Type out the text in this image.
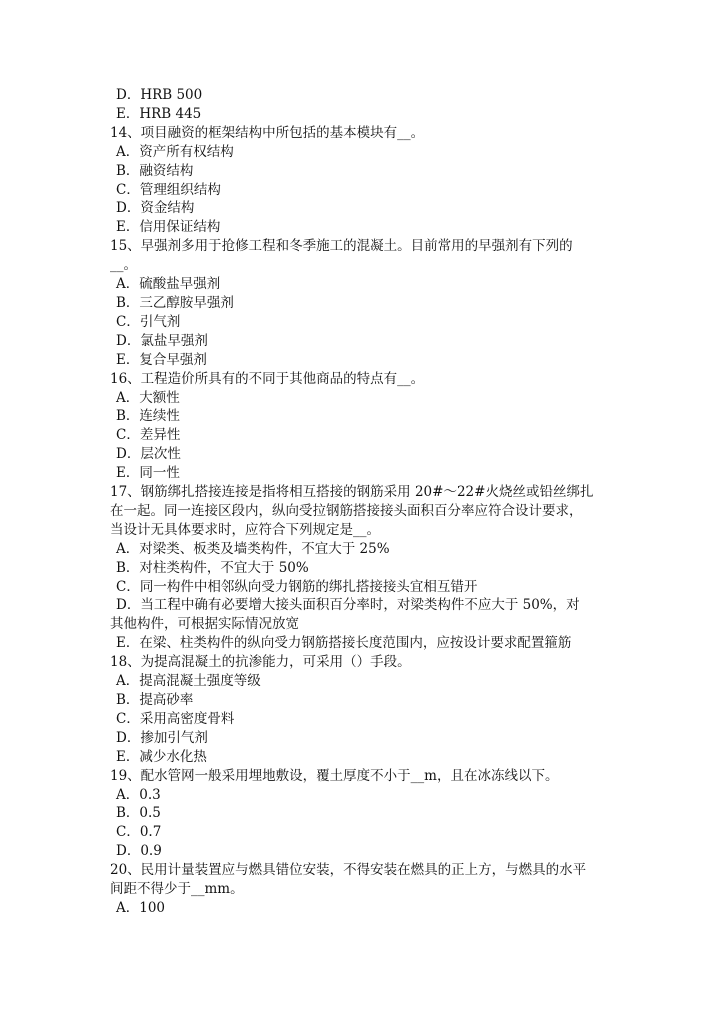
D．HRB 500

E．HRB 445

14、项目融资的框架结构中所包括的基本模块有__。

A．资产所有权结构

B．融资结构

C．管理组织结构

D．资金结构

E．信用保证结构

15、早强剂多用于抢修工程和冬季施工的混凝土。目前常用的早强剂有下列的

__。

A．硫酸盐早强剂

B．三乙醇胺早强剂

C．引气剂

D．氯盐早强剂

E．复合早强剂

16、工程造价所具有的不同于其他商品的特点有__。

A．大额性

B．连续性

C．差异性

D．层次性

E．同一性

17、钢筋绑扎搭接连接是指将相互搭接的钢筋采用 20#～22#火烧丝或铅丝绑扎

在一起。同一连接区段内，纵向受拉钢筋搭接接头面积百分率应符合设计要求，

当设计无具体要求时，应符合下列规定是__。

A．对梁类、板类及墙类构件，不宜大于 25%

B．对柱类构件，不宜大于 50%

C．同一构件中相邻纵向受力钢筋的绑扎搭接接头宜相互错开

D．当工程中确有必要增大接头面积百分率时，对梁类构件不应大于 50%，对

其他构件，可根据实际情况放宽

E．在梁、柱类构件的纵向受力钢筋搭接长度范围内，应按设计要求配置箍筋

18、为提高混凝土的抗渗能力，可采用（）手段。

A．提高混凝土强度等级

B．提高砂率

C．采用高密度骨料

D．掺加引气剂

E．减少水化热

19、配水管网一般采用埋地敷设，覆土厚度不小于__m，且在冰冻线以下。

A．0.3

B．0.5

C．0.7

D．0.9

20、民用计量装置应与燃具错位安装，不得安装在燃具的正上方，与燃具的水平

间距不得少于__mm。

A．100
